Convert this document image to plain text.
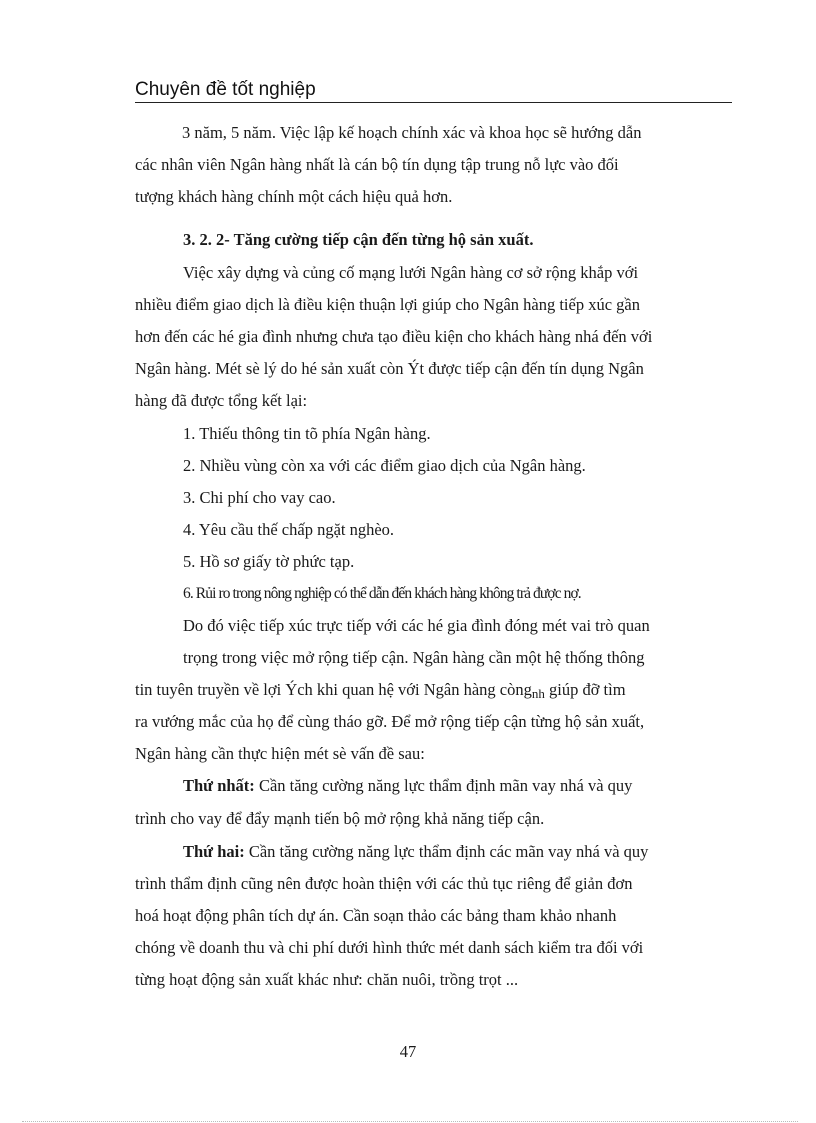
Chuyên đề tốt nghiệp
3 năm, 5 năm. Việc lập kế hoạch chính xác và khoa học sẽ hướng dẫn
các nhân viên Ngân hàng nhất là cán bộ tín dụng tập trung nỗ lực vào đối
tượng khách hàng chính một cách hiệu quả hơn.
3. 2. 2- Tăng cường tiếp cận đến từng hộ sản xuất.
Việc xây dựng và củng cố mạng lưới Ngân hàng cơ sở rộng khắp với
nhiều điểm giao dịch là điều kiện thuận lợi giúp cho Ngân hàng tiếp xúc gần
hơn đến các hé gia đình nhưng chưa tạo điều kiện cho khách hàng nhá đến với
Ngân hàng. Mét sè lý do hé sản xuất còn Ýt được tiếp cận đến tín dụng Ngân
hàng đã được tổng kết lại:
1. Thiếu thông tin tõ phía Ngân hàng.
2. Nhiều vùng còn xa với các điểm giao dịch của Ngân hàng.
3. Chi phí cho vay cao.
4. Yêu cầu thế chấp ngặt nghèo.
5. Hồ sơ giấy tờ phức tạp.
6. Rủi ro trong nông nghiệp có thể dẫn đến khách hàng không trả được nợ.
Do đó việc tiếp xúc trực tiếp với các hé gia đình đóng mét vai trò quan
trọng trong việc mở rộng tiếp cận. Ngân hàng cần một hệ thống thông
tin tuyên truyền về lợi Ých khi quan hệ với Ngân hàng còngnh giúp đỡ tìm
ra vướng mắc của họ để cùng tháo gỡ. Để mở rộng tiếp cận từng hộ sản xuất,
Ngân hàng cần thực hiện mét sè vấn đề sau:
Thứ nhất: Cần tăng cường năng lực thẩm định mãn vay nhá và quy
trình cho vay để đẩy mạnh tiến bộ mở rộng khả năng tiếp cận.
Thứ hai: Cần tăng cường năng lực thẩm định các mãn vay nhá và quy
trình thẩm định cũng nên được hoàn thiện với các thủ tục riêng để giản đơn
hoá hoạt động phân tích dự án. Cần soạn thảo các bảng tham khảo nhanh
chóng về doanh thu và chi phí dưới hình thức mét danh sách kiểm tra đối với
từng hoạt động sản xuất khác như: chăn nuôi, trồng trọt ...
47
